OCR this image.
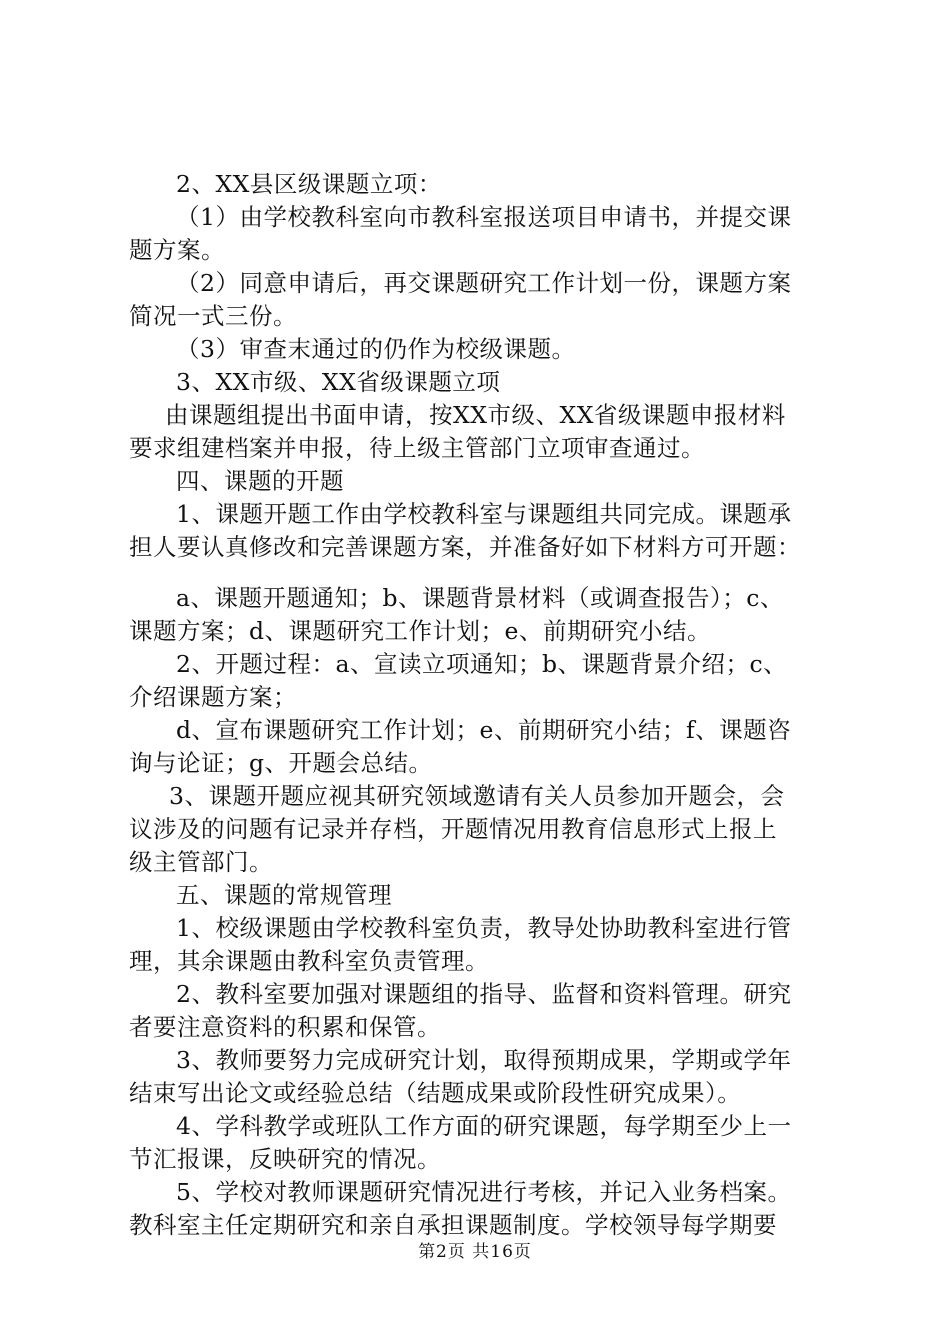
2、XX县区级课题立项：
（1）由学校教科室向市教科室报送项目申请书，并提交课
题方案。
（2）同意申请后，再交课题研究工作计划一份，课题方案
简况一式三份。
（3）审查末通过的仍作为校级课题。
3、XX市级、XX省级课题立项
由课题组提出书面申请，按XX市级、XX省级课题申报材料
要求组建档案并申报，待上级主管部门立项审查通过。
四、课题的开题
1、课题开题工作由学校教科室与课题组共同完成。课题承
担人要认真修改和完善课题方案，并准备好如下材料方可开题：
a、课题开题通知；b、课题背景材料（或调查报告）；c、
课题方案；d、课题研究工作计划；e、前期研究小结。
2、开题过程：a、宣读立项通知；b、课题背景介绍；c、
介绍课题方案；
d、宣布课题研究工作计划；e、前期研究小结；f、课题咨
询与论证；g、开题会总结。
3、课题开题应视其研究领域邀请有关人员参加开题会，会
议涉及的问题有记录并存档，开题情况用教育信息形式上报上
级主管部门。
五、课题的常规管理
1、校级课题由学校教科室负责，教导处协助教科室进行管
理，其余课题由教科室负责管理。
2、教科室要加强对课题组的指导、监督和资料管理。研究
者要注意资料的积累和保管。
3、教师要努力完成研究计划，取得预期成果，学期或学年
结束写出论文或经验总结（结题成果或阶段性研究成果）。
4、学科教学或班队工作方面的研究课题，每学期至少上一
节汇报课，反映研究的情况。
5、学校对教师课题研究情况进行考核，并记入业务档案。
教科室主任定期研究和亲自承担课题制度。学校领导每学期要
第2页 共16页
